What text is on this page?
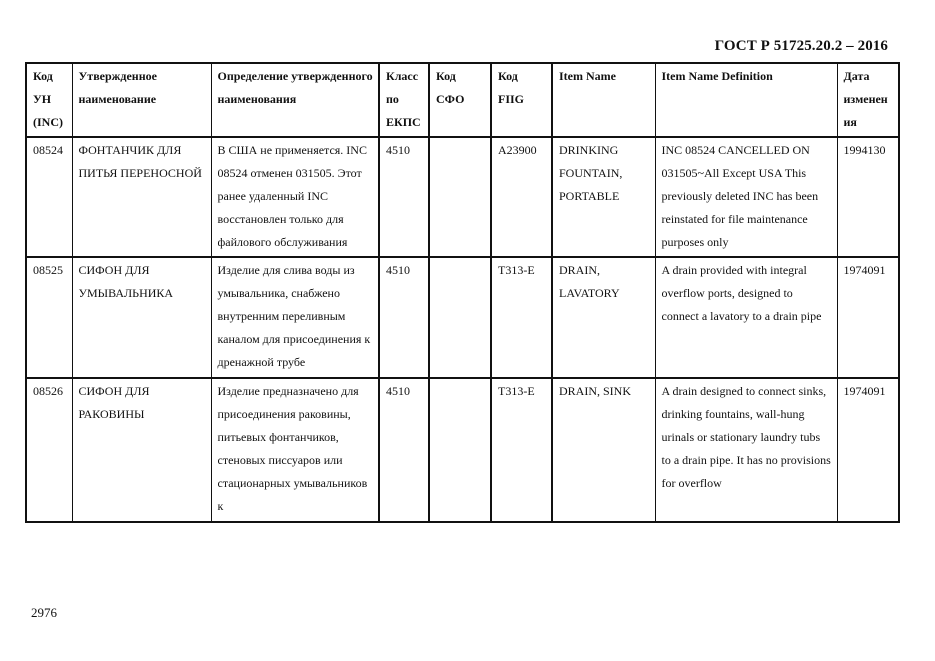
ГОСТ Р 51725.20.2 – 2016
Код УН (INC)	Утвержденное наименование	Определение утвержденного наименования	Класс по ЕКПС	Код СФО	Код FIIG	Item Name	Item Name Definition	Дата изменен ия
08524	ФОНТАНЧИК ДЛЯ ПИТЬЯ ПЕРЕНОСНОЙ	В США не применяется. INC 08524 отменен 031505. Этот ранее удаленный INC восстановлен только для файлового обслуживания	4510		A23900	DRINKING FOUNTAIN, PORTABLE	INC 08524 CANCELLED ON 031505~All Except USA This previously deleted INC has been reinstated for file maintenance purposes only	1994130
08525	СИФОН ДЛЯ УМЫВАЛЬНИКА	Изделие для слива воды из умывальника, снабжено внутренним переливным каналом для присоединения к дренажной трубе	4510		T313-E	DRAIN, LAVATORY	A drain provided with integral overflow ports, designed to connect a lavatory to a drain pipe	1974091
08526	СИФОН ДЛЯ РАКОВИНЫ	Изделие предназначено для присоединения раковины, питьевых фонтанчиков, стеновых писсуаров или стационарных умывальников к	4510		T313-E	DRAIN, SINK	A drain designed to connect sinks, drinking fountains, wall-hung urinals or stationary laundry tubs to a drain pipe. It has no provisions for overflow	1974091
2976
